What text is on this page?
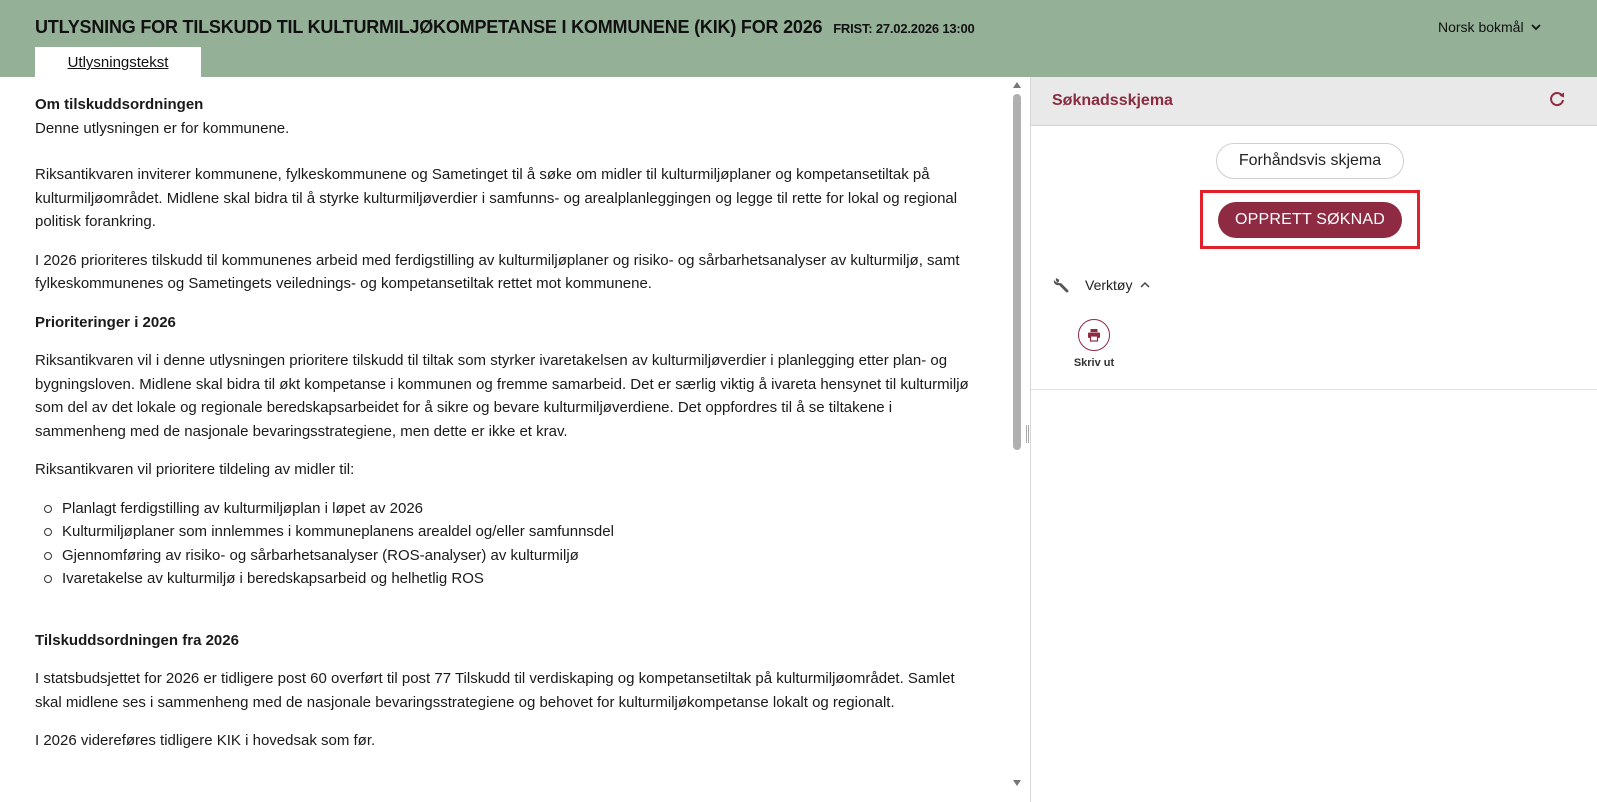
UTLYSNING FOR TILSKUDD TIL KULTURMILJØKOMPETANSE I KOMMUNENE (KIK) FOR 2026 FRIST: 27.02.2026 13:00	Norsk bokmål
Utlysningstekst
Om tilskuddsordningen

Denne utlysningen er for kommunene.

Riksantikvaren inviterer kommunene, fylkeskommunene og Sametinget til å søke om midler til kulturmiljøplaner og kompetansetiltak på kulturmiljøområdet. Midlene skal bidra til å styrke kulturmiljøverdier i samfunns- og arealplanleggingen og legge til rette for lokal og regional politisk forankring.

I 2026 prioriteres tilskudd til kommunenes arbeid med ferdigstilling av kulturmiljøplaner og risiko- og sårbarhetsanalyser av kulturmiljø, samt fylkeskommunenes og Sametingets veilednings- og kompetansetiltak rettet mot kommunene.

Prioriteringer i 2026

Riksantikvaren vil i denne utlysningen prioritere tilskudd til tiltak som styrker ivaretakelsen av kulturmiljøverdier i planlegging etter plan- og bygningsloven. Midlene skal bidra til økt kompetanse i kommunen og fremme samarbeid. Det er særlig viktig å ivareta hensynet til kulturmiljø som del av det lokale og regionale beredskapsarbeidet for å sikre og bevare kulturmiljøverdiene. Det oppfordres til å se tiltakene i sammenheng med de nasjonale bevaringsstrategiene, men dette er ikke et krav.

Riksantikvaren vil prioritere tildeling av midler til:

Planlagt ferdigstilling av kulturmiljøplan i løpet av 2026
Kulturmiljøplaner som innlemmes i kommuneplanens arealdel og/eller samfunnsdel
Gjennomføring av risiko- og sårbarhetsanalyser (ROS-analyser) av kulturmiljø
Ivaretakelse av kulturmiljø i beredskapsarbeid og helhetlig ROS
Tilskuddsordningen fra 2026

I statsbudsjettet for 2026 er tidligere post 60 overført til post 77 Tilskudd til verdiskaping og kompetansetiltak på kulturmiljøområdet. Samlet skal midlene ses i sammenheng med de nasjonale bevaringsstrategiene og behovet for kulturmiljøkompetanse lokalt og regionalt.

I 2026 videreføres tidligere KIK i hovedsak som før.

Søknadsskjema
Forhåndsvis skjema
OPPRETT SØKNAD
Verktøy
Skriv ut
